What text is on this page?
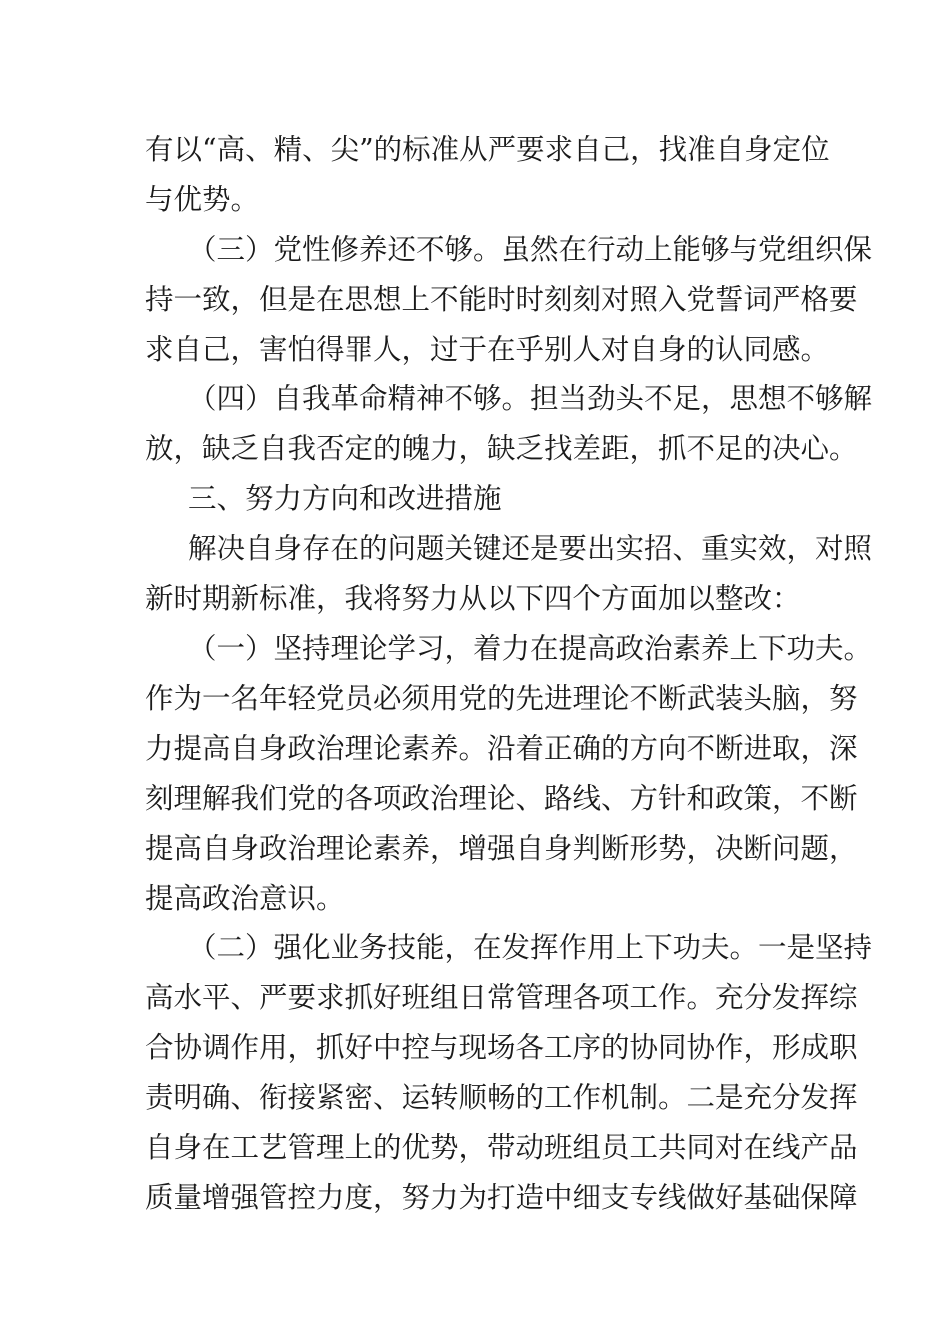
有以“高、精、尖”的标准从严要求自己，找准自身定位

与优势。

（三）党性修养还不够。虽然在行动上能够与党组织保

持一致，但是在思想上不能时时刻刻对照入党誓词严格要

求自己，害怕得罪人，过于在乎别人对自身的认同感。

（四）自我革命精神不够。担当劲头不足，思想不够解

放，缺乏自我否定的魄力，缺乏找差距，抓不足的决心。

三、努力方向和改进措施

解决自身存在的问题关键还是要出实招、重实效，对照

新时期新标准，我将努力从以下四个方面加以整改：

（一）坚持理论学习，着力在提高政治素养上下功夫。

作为一名年轻党员必须用党的先进理论不断武装头脑，努

力提高自身政治理论素养。沿着正确的方向不断进取，深

刻理解我们党的各项政治理论、路线、方针和政策，不断

提高自身政治理论素养，增强自身判断形势，决断问题，

提高政治意识。

（二）强化业务技能，在发挥作用上下功夫。一是坚持

高水平、严要求抓好班组日常管理各项工作。充分发挥综

合协调作用，抓好中控与现场各工序的协同协作，形成职

责明确、衔接紧密、运转顺畅的工作机制。二是充分发挥

自身在工艺管理上的优势，带动班组员工共同对在线产品

质量增强管控力度，努力为打造中细支专线做好基础保障
